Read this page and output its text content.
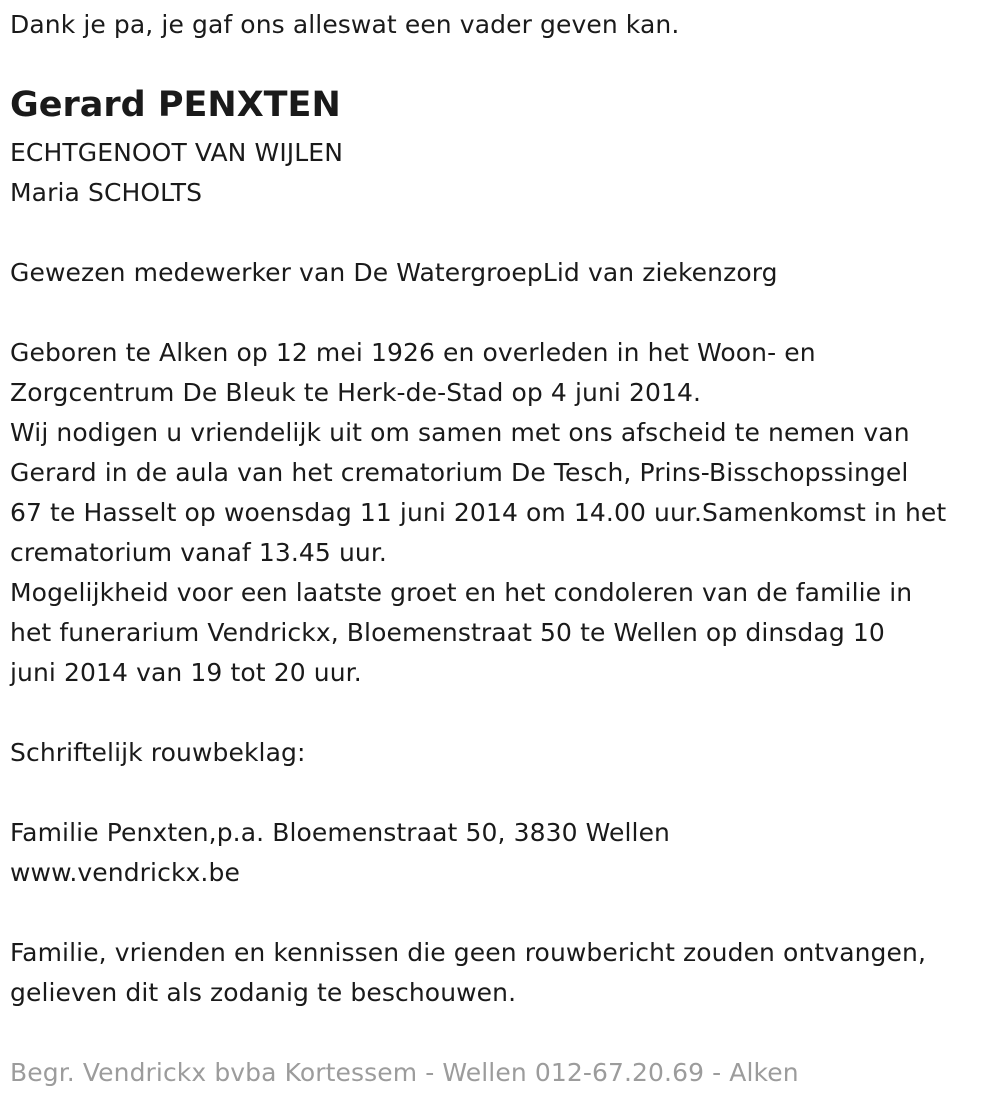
Dank je pa, je gaf ons alleswat een vader geven kan.
Gerard PENXTEN
ECHTGENOOT VAN WIJLEN
Maria SCHOLTS
Gewezen medewerker van De WatergroepLid van ziekenzorg
Geboren te Alken op 12 mei 1926 en overleden in het Woon- en
Zorgcentrum De Bleuk te Herk-de-Stad op 4 juni 2014.
Wij nodigen u vriendelijk uit om samen met ons afscheid te nemen van
Gerard in de aula van het crematorium De Tesch, Prins-Bisschopssingel
67 te Hasselt op woensdag 11 juni 2014 om 14.00 uur.Samenkomst in het
crematorium vanaf 13.45 uur.
Mogelijkheid voor een laatste groet en het condoleren van de familie in
het funerarium Vendrickx, Bloemenstraat 50 te Wellen op dinsdag 10
juni 2014 van 19 tot 20 uur.
Schriftelijk rouwbeklag:
Familie Penxten,p.a. Bloemenstraat 50, 3830 Wellen
www.vendrickx.be
Familie, vrienden en kennissen die geen rouwbericht zouden ontvangen,
gelieven dit als zodanig te beschouwen.
Begr. Vendrickx bvba Kortessem - Wellen 012-67.20.69 - Alken
